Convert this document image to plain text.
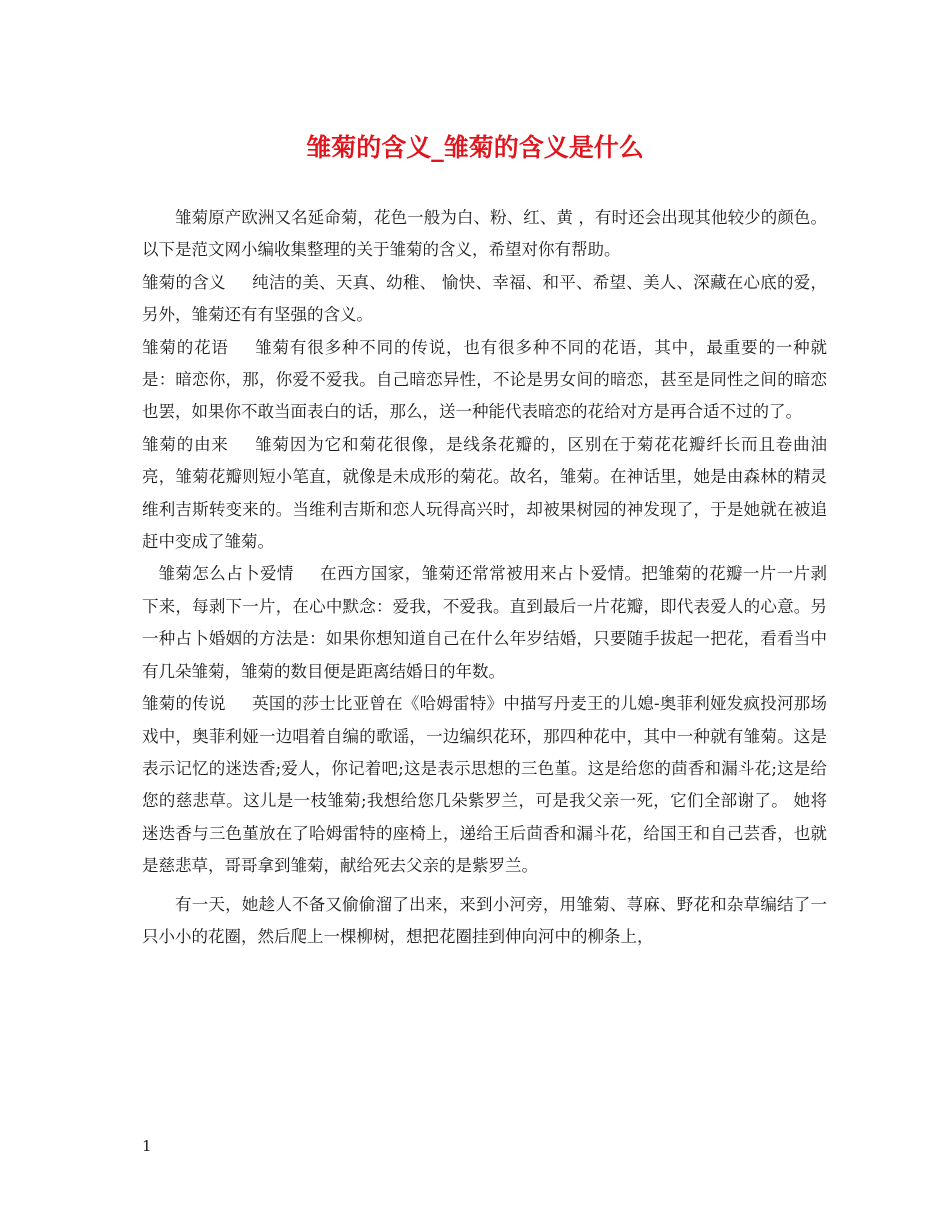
雏菊的含义_雏菊的含义是什么

雏菊原产欧洲又名延命菊，花色一般为白、粉、红、黄 ，有时还会出现其他较少的颜色。以下是范文网小编收集整理的关于雏菊的含义，希望对你有帮助。

雏菊的含义 纯洁的美、天真、幼稚、 愉快、幸福、和平、希望、美人、深藏在心底的爱，另外，雏菊还有有坚强的含义。

雏菊的花语 雏菊有很多种不同的传说，也有很多种不同的花语，其中，最重要的一种就是：暗恋你，那，你爱不爱我。自己暗恋异性，不论是男女间的暗恋，甚至是同性之间的暗恋也罢，如果你不敢当面表白的话，那么，送一种能代表暗恋的花给对方是再合适不过的了。

雏菊的由来 雏菊因为它和菊花很像，是线条花瓣的，区别在于菊花花瓣纤长而且卷曲油亮，雏菊花瓣则短小笔直，就像是未成形的菊花。故名，雏菊。在神话里，她是由森林的精灵维利吉斯转变来的。当维利吉斯和恋人玩得高兴时，却被果树园的神发现了，于是她就在被追赶中变成了雏菊。

雏菊怎么占卜爱情 在西方国家，雏菊还常常被用来占卜爱情。把雏菊的花瓣一片一片剥下来，每剥下一片，在心中默念：爱我，不爱我。直到最后一片花瓣，即代表爱人的心意。另一种占卜婚姻的方法是：如果你想知道自己在什么年岁结婚，只要随手拔起一把花，看看当中有几朵雏菊，雏菊的数目便是距离结婚日的年数。

雏菊的传说 英国的莎士比亚曾在《哈姆雷特》中描写丹麦王的儿媳-奥菲利娅发疯投河那场戏中，奥菲利娅一边唱着自编的歌谣，一边编织花环，那四种花中，其中一种就有雏菊。这是表示记忆的迷迭香;爱人，你记着吧;这是表示思想的三色堇。这是给您的茴香和漏斗花;这是给您的慈悲草。这儿是一枝雏菊;我想给您几朵紫罗兰，可是我父亲一死，它们全部谢了。 她将迷迭香与三色堇放在了哈姆雷特的座椅上，递给王后茴香和漏斗花，给国王和自己芸香，也就是慈悲草，哥哥拿到雏菊，献给死去父亲的是紫罗兰。

有一天，她趁人不备又偷偷溜了出来，来到小河旁，用雏菊、荨麻、野花和杂草编结了一只小小的花圈，然后爬上一棵柳树，想把花圈挂到伸向河中的柳条上，

1
